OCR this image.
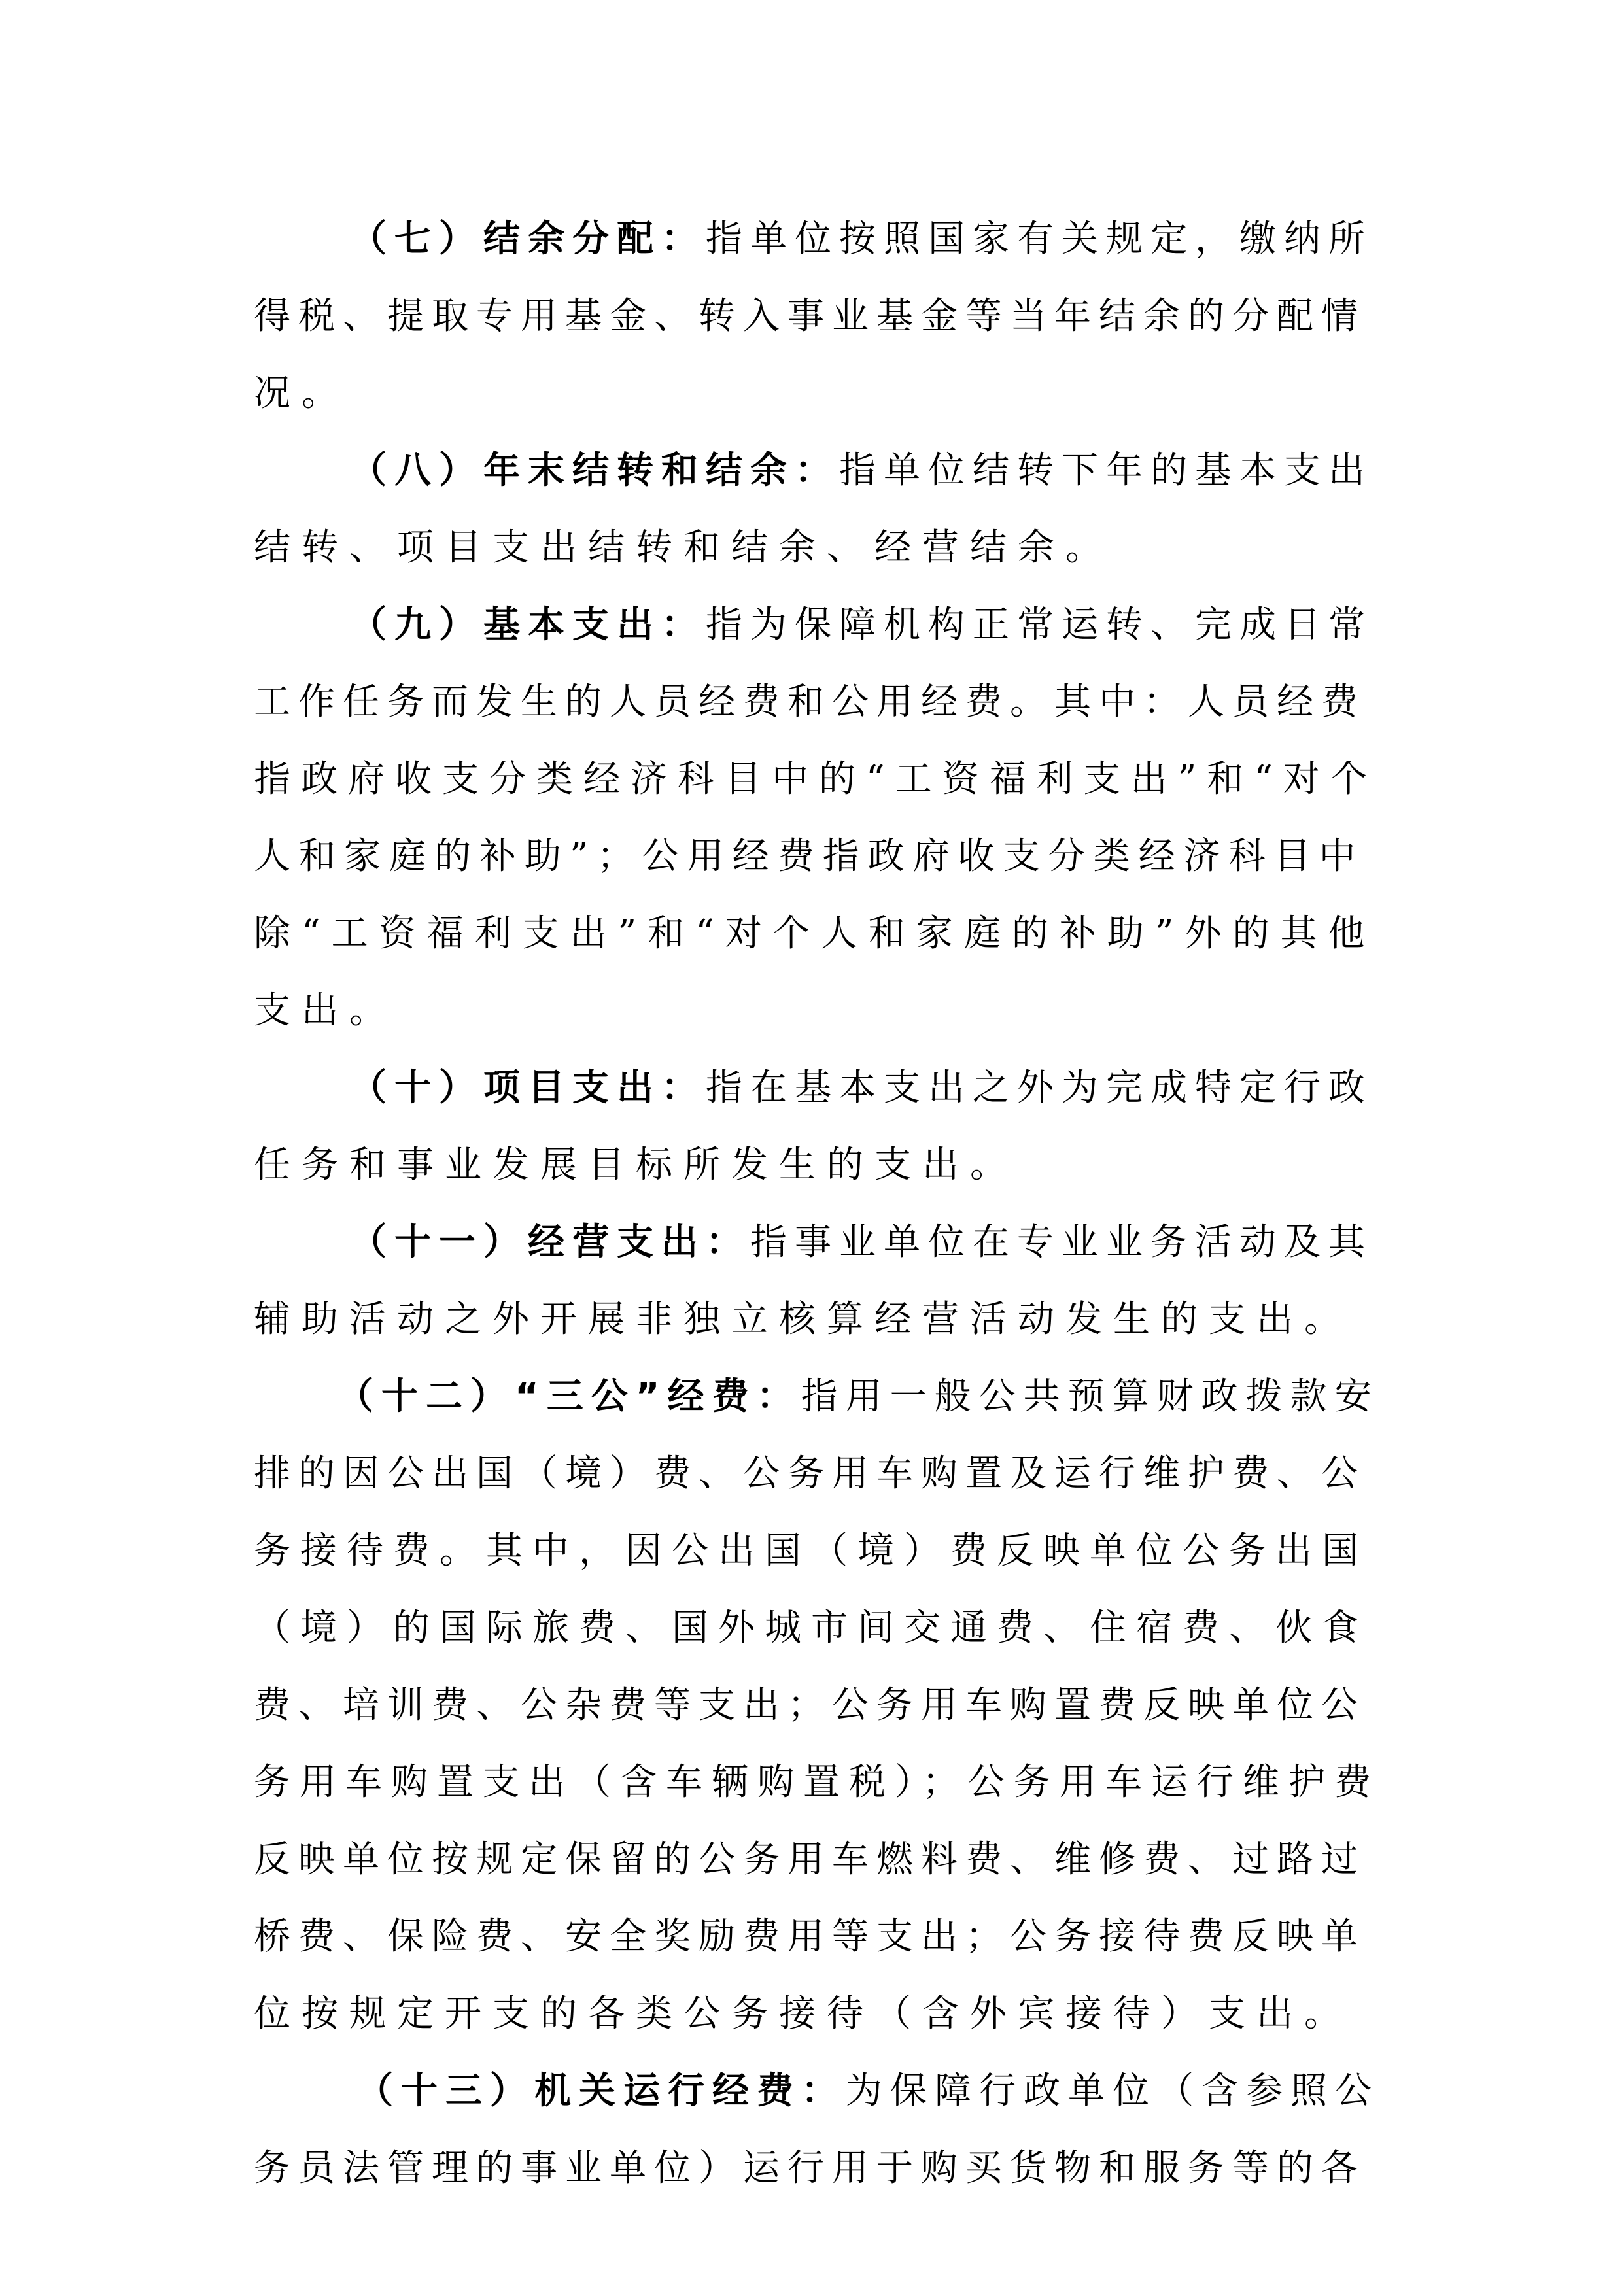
（七）结余分配：指单位按照国家有关规定，缴纳所
得税、提取专用基金、转入事业基金等当年结余的分配情
况。
（八）年末结转和结余：指单位结转下年的基本支出
结转、项目支出结转和结余、经营结余。
（九）基本支出：指为保障机构正常运转、完成日常
工作任务而发生的人员经费和公用经费。其中：人员经费
指政府收支分类经济科目中的“工资福利支出”和“对个
人和家庭的补助”；公用经费指政府收支分类经济科目中
除“工资福利支出”和“对个人和家庭的补助”外的其他
支出。
（十）项目支出：指在基本支出之外为完成特定行政
任务和事业发展目标所发生的支出。
（十一）经营支出：指事业单位在专业业务活动及其
辅助活动之外开展非独立核算经营活动发生的支出。
（十二）“三公”经费：指用一般公共预算财政拨款安
排的因公出国（境）费、公务用车购置及运行维护费、公
务接待费。其中，因公出国（境）费反映单位公务出国
（境）的国际旅费、国外城市间交通费、住宿费、伙食
费、培训费、公杂费等支出；公务用车购置费反映单位公
务用车购置支出（含车辆购置税）；公务用车运行维护费
反映单位按规定保留的公务用车燃料费、维修费、过路过
桥费、保险费、安全奖励费用等支出；公务接待费反映单
位按规定开支的各类公务接待（含外宾接待）支出。
（十三）机关运行经费：为保障行政单位（含参照公
务员法管理的事业单位）运行用于购买货物和服务等的各
